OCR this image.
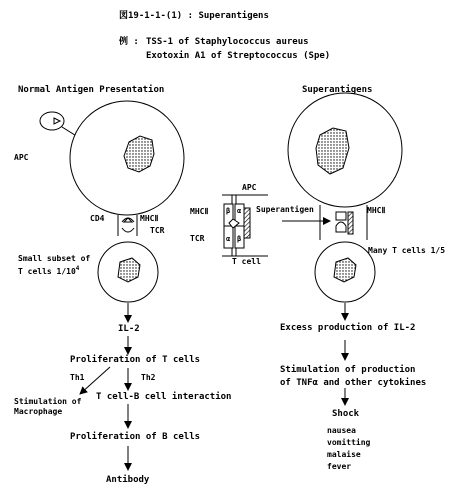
図19-1-1-(1) : Superantigens
例 : TSS-1 of Staphylococcus aureus
Exotoxin A1 of Streptococcus (Spe)
Normal Antigen Presentation
APC
CD4	MHCⅡ
TCR
Small subset of
T cells $1/10^4$
IL-2
Proliferation of T cells
Th1	Th2
Stimulation of
Macrophage
T cell-B cell interaction
Proliferation of B cells
Antibody
APC
MHCⅡ
TCR
β α
α β
T cell
Superantigens
Superantigen	MHCⅡ
Many T cells 1/5
Excess production of IL-2
Stimulation of production
of TNFα and other cytokines
Shock
nausea
vomitting
malaise
fever
